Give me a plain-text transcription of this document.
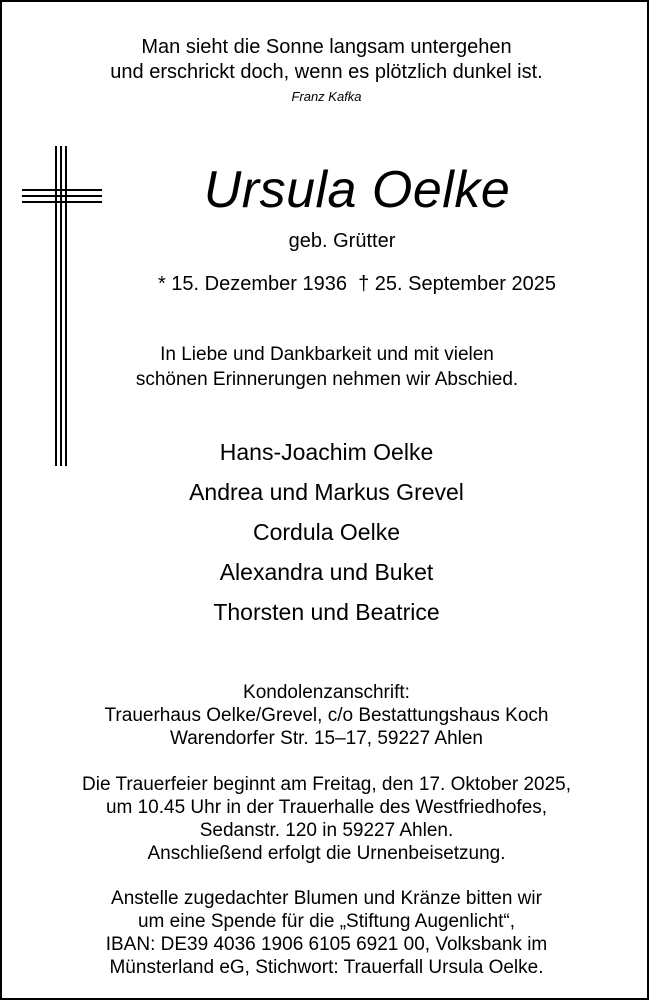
Man sieht die Sonne langsam untergehen
und erschrickt doch, wenn es plötzlich dunkel ist.
Franz Kafka
Ursula Oelke
geb. Grütter
* 15. Dezember 1936  † 25. September 2025
In Liebe und Dankbarkeit und mit vielen
schönen Erinnerungen nehmen wir Abschied.
Hans-Joachim Oelke
Andrea und Markus Grevel
Cordula Oelke
Alexandra und Buket
Thorsten und Beatrice
Kondolenzanschrift:
Trauerhaus Oelke/Grevel, c/o Bestattungshaus Koch
Warendorfer Str. 15–17, 59227 Ahlen
Die Trauerfeier beginnt am Freitag, den 17. Oktober 2025,
um 10.45 Uhr in der Trauerhalle des Westfriedhofes,
Sedanstr. 120 in 59227 Ahlen.
Anschließend erfolgt die Urnenbeisetzung.
Anstelle zugedachter Blumen und Kränze bitten wir
um eine Spende für die „Stiftung Augenlicht“,
IBAN: DE39 4036 1906 6105 6921 00, Volksbank im
Münsterland eG, Stichwort: Trauerfall Ursula Oelke.
